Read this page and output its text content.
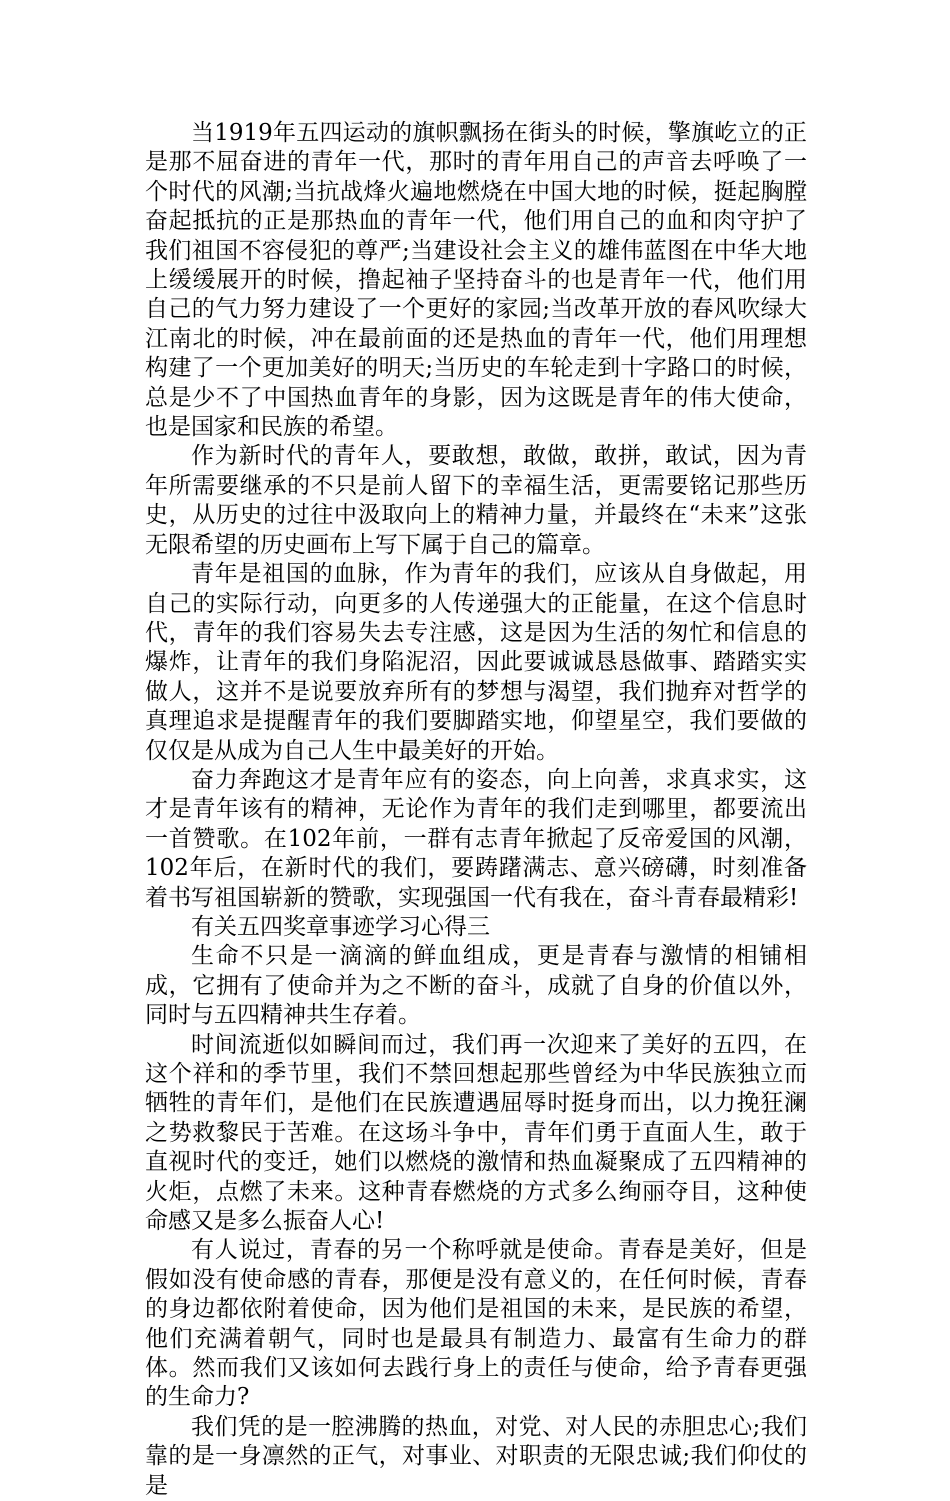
当1919年五四运动的旗帜飘扬在街头的时候，擎旗屹立的正是那不屈奋进的青年一代，那时的青年用自己的声音去呼唤了一个时代的风潮;当抗战烽火遍地燃烧在中国大地的时候，挺起胸膛奋起抵抗的正是那热血的青年一代，他们用自己的血和肉守护了我们祖国不容侵犯的尊严;当建设社会主义的雄伟蓝图在中华大地上缓缓展开的时候，撸起袖子坚持奋斗的也是青年一代，他们用自己的气力努力建设了一个更好的家园;当改革开放的春风吹绿大江南北的时候，冲在最前面的还是热血的青年一代，他们用理想构建了一个更加美好的明天;当历史的车轮走到十字路口的时候，总是少不了中国热血青年的身影，因为这既是青年的伟大使命，也是国家和民族的希望。

作为新时代的青年人，要敢想，敢做，敢拼，敢试，因为青年所需要继承的不只是前人留下的幸福生活，更需要铭记那些历史，从历史的过往中汲取向上的精神力量，并最终在“未来”这张无限希望的历史画布上写下属于自己的篇章。

青年是祖国的血脉，作为青年的我们，应该从自身做起，用自己的实际行动，向更多的人传递强大的正能量，在这个信息时代，青年的我们容易失去专注感，这是因为生活的匆忙和信息的爆炸，让青年的我们身陷泥沼，因此要诚诚恳恳做事、踏踏实实做人，这并不是说要放弃所有的梦想与渴望，我们抛弃对哲学的真理追求是提醒青年的我们要脚踏实地，仰望星空，我们要做的仅仅是从成为自己人生中最美好的开始。

奋力奔跑这才是青年应有的姿态，向上向善，求真求实，这才是青年该有的精神，无论作为青年的我们走到哪里，都要流出一首赞歌。在102年前，一群有志青年掀起了反帝爱国的风潮，102年后，在新时代的我们，要踌躇满志、意兴磅礴，时刻准备着书写祖国崭新的赞歌，实现强国一代有我在，奋斗青春最精彩!

有关五四奖章事迹学习心得三

生命不只是一滴滴的鲜血组成，更是青春与激情的相铺相成，它拥有了使命并为之不断的奋斗，成就了自身的价值以外，同时与五四精神共生存着。

时间流逝似如瞬间而过，我们再一次迎来了美好的五四，在这个祥和的季节里，我们不禁回想起那些曾经为中华民族独立而牺牲的青年们，是他们在民族遭遇屈辱时挺身而出，以力挽狂澜之势救黎民于苦难。在这场斗争中，青年们勇于直面人生，敢于直视时代的变迁，她们以燃烧的激情和热血凝聚成了五四精神的火炬，点燃了未来。这种青春燃烧的方式多么绚丽夺目，这种使命感又是多么振奋人心!

有人说过，青春的另一个称呼就是使命。青春是美好，但是假如没有使命感的青春，那便是没有意义的，在任何时候，青春的身边都依附着使命，因为他们是祖国的未来，是民族的希望，他们充满着朝气，同时也是最具有制造力、最富有生命力的群体。然而我们又该如何去践行身上的责任与使命，给予青春更强的生命力?

我们凭的是一腔沸腾的热血，对党、对人民的赤胆忠心;我们靠的是一身凛然的正气，对事业、对职责的无限忠诚;我们仰仗的是
